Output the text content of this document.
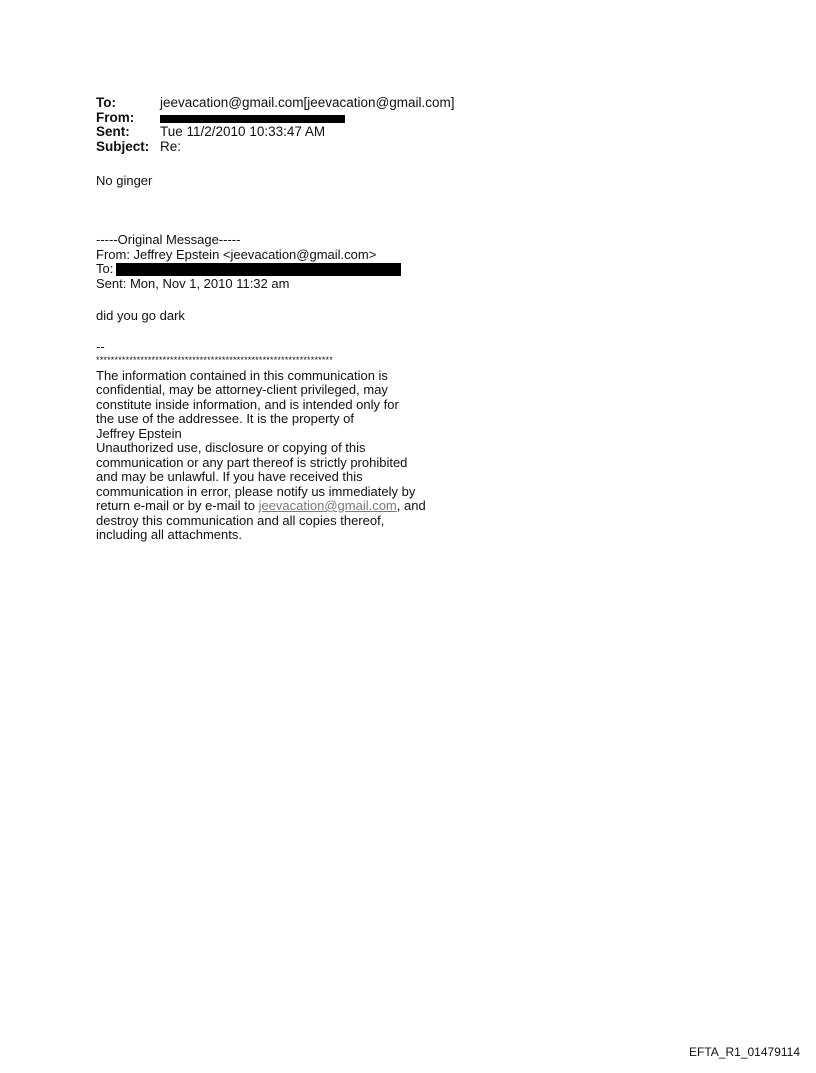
To:	jeevacation@gmail.com[jeevacation@gmail.com]
From:
Sent:	Tue 11/2/2010 10:33:47 AM
Subject: Re:
No ginger
-----Original Message-----
From: Jeffrey Epstein <jeevacation@gmail.com>
To:
Sent: Mon, Nov 1, 2010 11:32 am
did you go dark
--
****************************************************************
The information contained in this communication is
confidential, may be attorney-client privileged, may
constitute inside information, and is intended only for
the use of the addressee. It is the property of
Jeffrey Epstein
Unauthorized use, disclosure or copying of this
communication or any part thereof is strictly prohibited
and may be unlawful. If you have received this
communication in error, please notify us immediately by
return e-mail or by e-mail to jeevacation@gmail.com, and
destroy this communication and all copies thereof,
including all attachments.
EFTA_R1_01479114
